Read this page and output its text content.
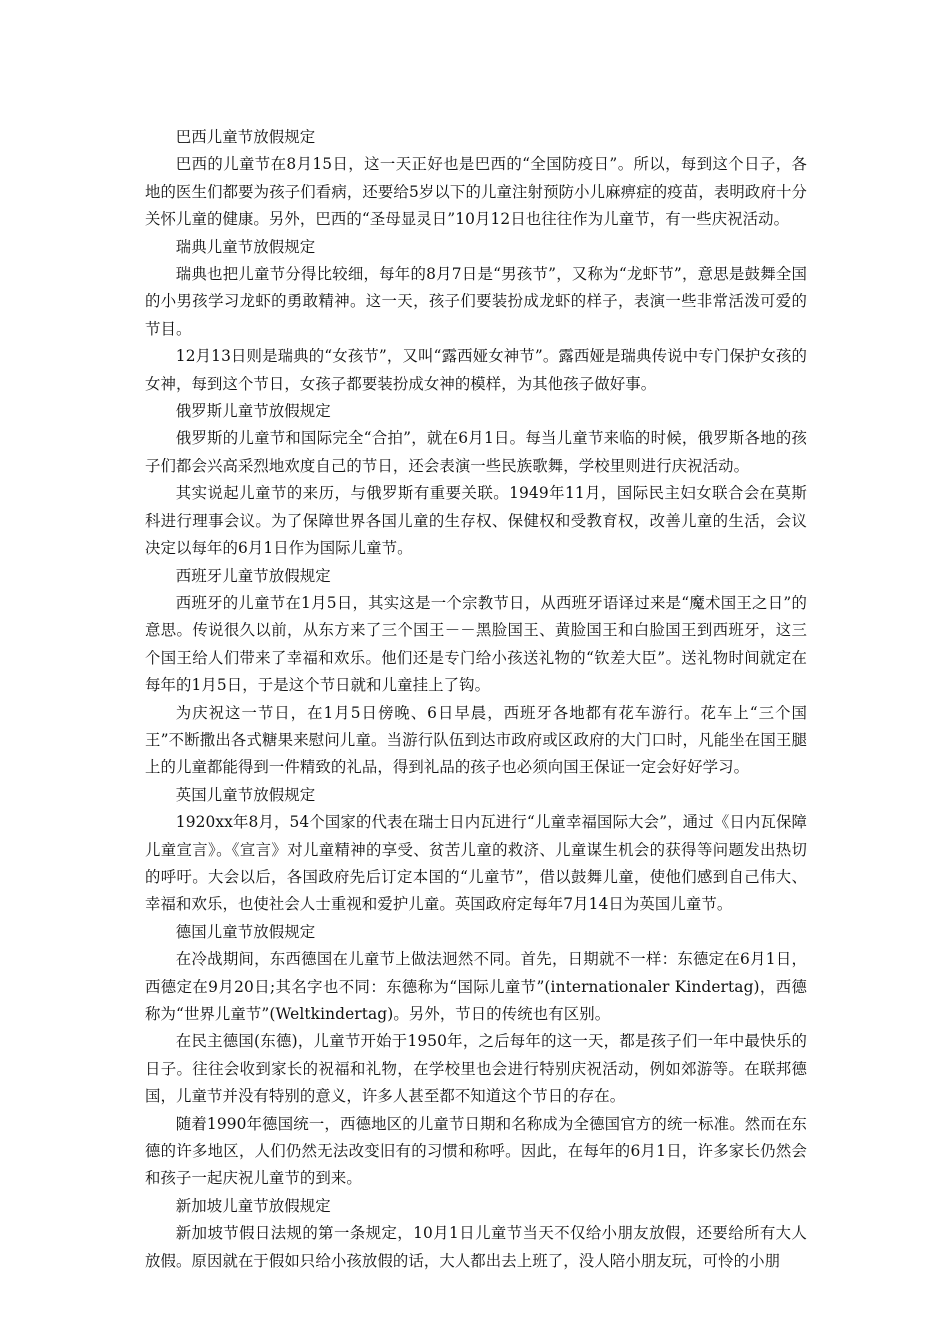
巴西儿童节放假规定

巴西的儿童节在8月15日，这一天正好也是巴西的“全国防疫日”。所以，每到这个日子，各地的医生们都要为孩子们看病，还要给5岁以下的儿童注射预防小儿麻痹症的疫苗，表明政府十分关怀儿童的健康。另外，巴西的“圣母显灵日”10月12日也往往作为儿童节，有一些庆祝活动。

瑞典儿童节放假规定

瑞典也把儿童节分得比较细，每年的8月7日是“男孩节”，又称为“龙虾节”，意思是鼓舞全国的小男孩学习龙虾的勇敢精神。这一天，孩子们要装扮成龙虾的样子，表演一些非常活泼可爱的节目。

12月13日则是瑞典的“女孩节”，又叫“露西娅女神节”。露西娅是瑞典传说中专门保护女孩的女神，每到这个节日，女孩子都要装扮成女神的模样，为其他孩子做好事。

俄罗斯儿童节放假规定

俄罗斯的儿童节和国际完全“合拍”，就在6月1日。每当儿童节来临的时候，俄罗斯各地的孩子们都会兴高采烈地欢度自己的节日，还会表演一些民族歌舞，学校里则进行庆祝活动。

其实说起儿童节的来历，与俄罗斯有重要关联。1949年11月，国际民主妇女联合会在莫斯科进行理事会议。为了保障世界各国儿童的生存权、保健权和受教育权，改善儿童的生活，会议决定以每年的6月1日作为国际儿童节。

西班牙儿童节放假规定

西班牙的儿童节在1月5日，其实这是一个宗教节日，从西班牙语译过来是“魔术国王之日”的意思。传说很久以前，从东方来了三个国王－－黑脸国王、黄脸国王和白脸国王到西班牙，这三个国王给人们带来了幸福和欢乐。他们还是专门给小孩送礼物的“钦差大臣”。送礼物时间就定在每年的1月5日，于是这个节日就和儿童挂上了钩。

为庆祝这一节日，在1月5日傍晚、6日早晨，西班牙各地都有花车游行。花车上“三个国王”不断撒出各式糖果来慰问儿童。当游行队伍到达市政府或区政府的大门口时，凡能坐在国王腿上的儿童都能得到一件精致的礼品，得到礼品的孩子也必须向国王保证一定会好好学习。

英国儿童节放假规定

1920xx年8月，54个国家的代表在瑞士日内瓦进行“儿童幸福国际大会”，通过《日内瓦保障儿童宣言》。《宣言》对儿童精神的享受、贫苦儿童的救济、儿童谋生机会的获得等问题发出热切的呼吁。大会以后，各国政府先后订定本国的“儿童节”，借以鼓舞儿童，使他们感到自己伟大、幸福和欢乐，也使社会人士重视和爱护儿童。英国政府定每年7月14日为英国儿童节。

德国儿童节放假规定

在冷战期间，东西德国在儿童节上做法迥然不同。首先，日期就不一样：东德定在6月1日，西德定在9月20日;其名字也不同：东德称为“国际儿童节”(internationaler Kindertag)，西德称为“世界儿童节”(Weltkindertag)。另外，节日的传统也有区别。

在民主德国(东德)，儿童节开始于1950年，之后每年的这一天，都是孩子们一年中最快乐的日子。往往会收到家长的祝福和礼物，在学校里也会进行特别庆祝活动，例如郊游等。在联邦德国，儿童节并没有特别的意义，许多人甚至都不知道这个节日的存在。

随着1990年德国统一，西德地区的儿童节日期和名称成为全德国官方的统一标准。然而在东德的许多地区，人们仍然无法改变旧有的习惯和称呼。因此，在每年的6月1日，许多家长仍然会和孩子一起庆祝儿童节的到来。

新加坡儿童节放假规定

新加坡节假日法规的第一条规定，10月1日儿童节当天不仅给小朋友放假，还要给所有大人放假。原因就在于假如只给小孩放假的话，大人都出去上班了，没人陪小朋友玩，可怜的小朋
